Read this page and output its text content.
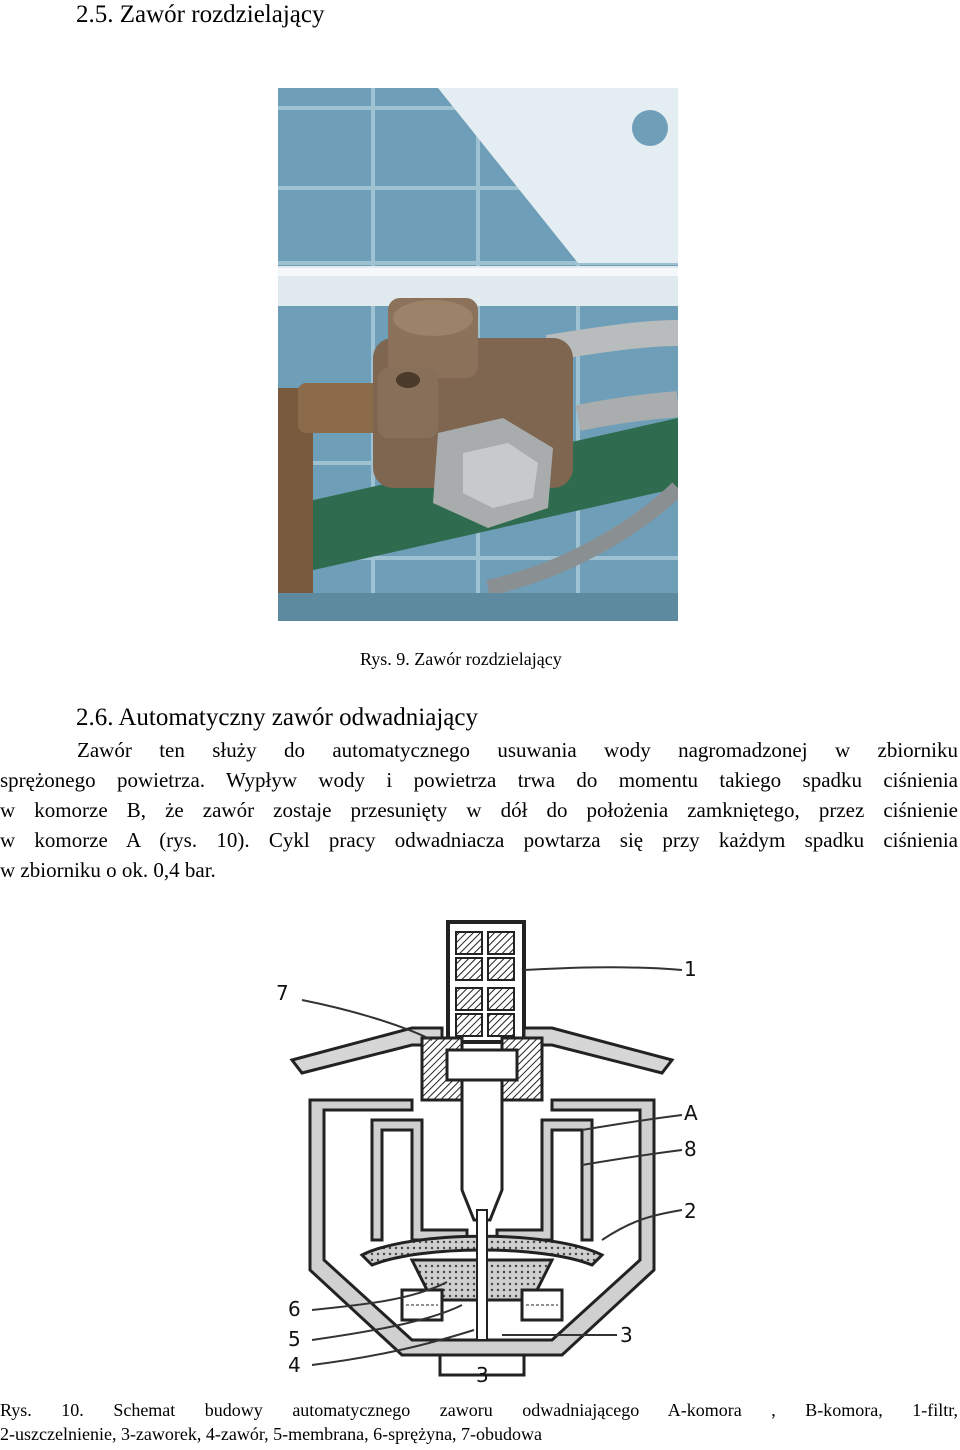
2.5. Zawór rozdzielający
Rys. 9. Zawór rozdzielający
2.6. Automatyczny zawór odwadniający
Zawór ten służy do automatycznego usuwania wody nagromadzonej w zbiorniku
sprężonego powietrza. Wypływ wody i powietrza trwa do momentu takiego spadku ciśnienia
w komorze B, że zawór zostaje przesunięty w dół do położenia zamkniętego, przez ciśnienie
w komorze A (rys. 10). Cykl pracy odwadniacza powtarza się przy każdym spadku ciśnienia
w zbiorniku o ok. 0,4 bar.
1
7
A
8
2
6
5
4
3
3
Rys. 10. Schemat budowy automatycznego zaworu odwadniającego A-komora , B-komora, 1-filtr,
2-uszczelnienie, 3-zaworek, 4-zawór, 5-membrana, 6-sprężyna, 7-obudowa
